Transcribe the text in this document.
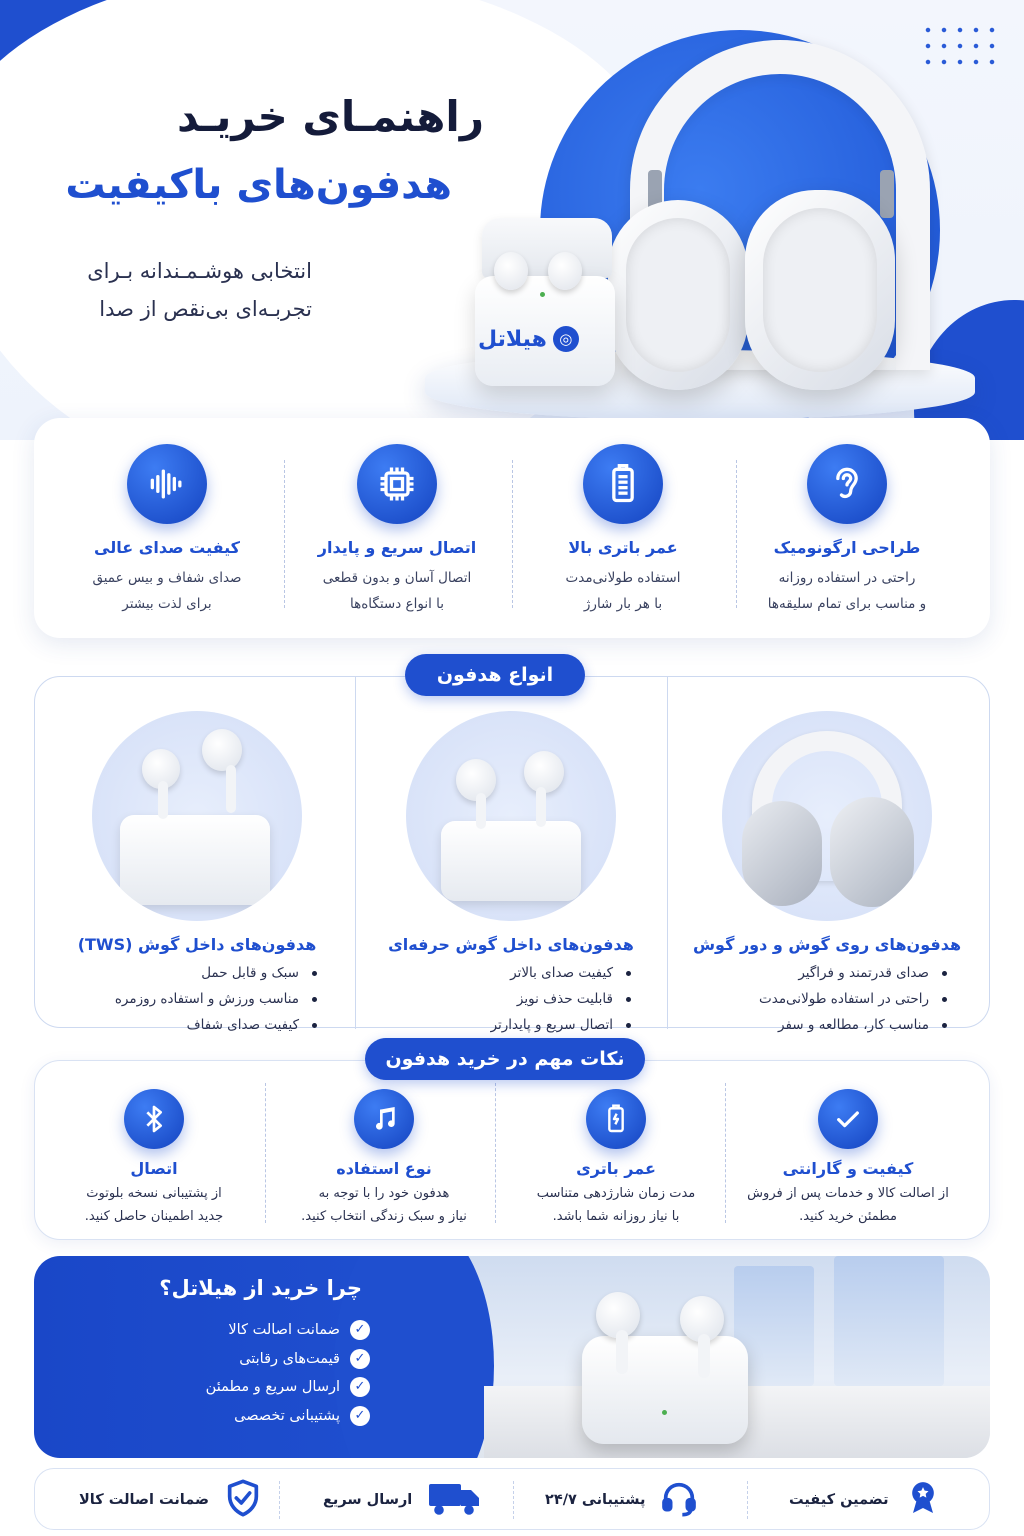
◎
هیلاتل
راهنمـای خریـد
هدفون‌های باکیفیت
انتخابی هوشـمـندانه بـرای
تجربـه‌ای بی‌نقص از صدا
طراحی ارگونومیک

راحتی در استفاده روزانه
و مناسب برای تمام سلیقه‌ها

عمر باتری بالا

استفاده طولانی‌مدت
با هر بار شارژ

اتصال سریع و پایدار

اتصال آسان و بدون قطعی
با انواع دستگاه‌ها

کیفیت صدای عالی

صدای شفاف و بیس عمیق
برای لذت بیشتر

هدفون‌های روی گوش و دور گوش
صدای قدرتمند و فراگیر
راحتی در استفاده طولانی‌مدت
مناسب کار، مطالعه و سفر
هدفون‌های داخل گوش حرفه‌ای
کیفیت صدای بالاتر
قابلیت حذف نویز
اتصال سریع و پایدارتر
هدفون‌های داخل گوش (TWS)
سبک و قابل حمل
مناسب ورزش و استفاده روزمره
کیفیت صدای شفاف
انواع هدفون
کیفیت و گارانتی

از اصالت کالا و خدمات پس از فروش
مطمئن خرید کنید.

عمر باتری

مدت زمان شارژدهی متناسب
با نیاز روزانه شما باشد.

نوع استفاده

هدفون خود را با توجه به
نیاز و سبک زندگی انتخاب کنید.

اتصال

از پشتیبانی نسخه بلوتوث
جدید اطمینان حاصل کنید.

نکات مهم در خرید هدفون
چرا خرید از هیلاتل؟
✓
ضمانت اصالت کالا
✓
قیمت‌های رقابتی
✓
ارسال سریع و مطمئن
✓
پشتیبانی تخصصی
تضمین کیفیت
پشتیبانی ۲۴/۷
ارسال سریع
ضمانت اصالت کالا
